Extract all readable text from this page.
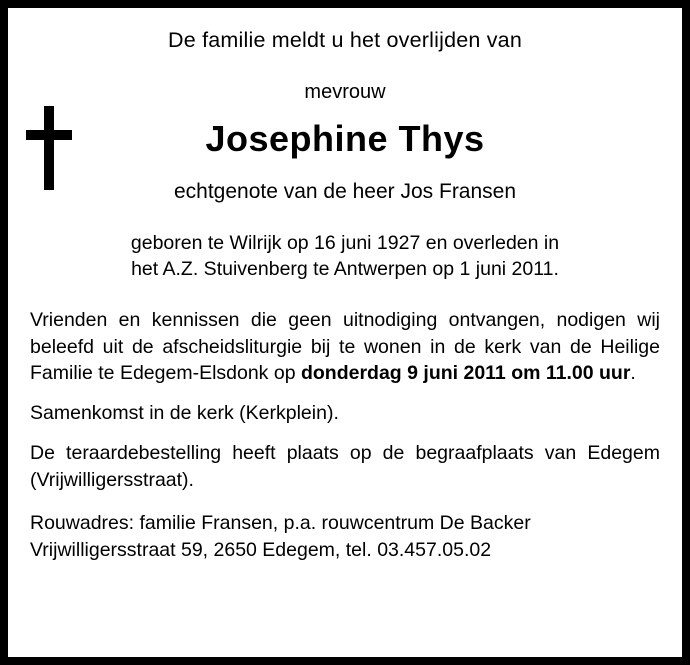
De familie meldt u het overlijden van
mevrouw
Josephine Thys
echtgenote van de heer Jos Fransen
geboren te Wilrijk op 16 juni 1927 en overleden in
het A.Z. Stuivenberg te Antwerpen op 1 juni 2011.

Vrienden en kennissen die geen uitnodiging ontvangen, nodigen wij beleefd uit de afscheidsliturgie bij te wonen in de kerk van de Heilige Familie te Edegem-Elsdonk op donderdag 9 juni 2011 om 11.00 uur.

Samenkomst in de kerk (Kerkplein).

De teraardebestelling heeft plaats op de begraafplaats van Edegem (Vrijwilligersstraat).

Rouwadres: familie Fransen, p.a. rouwcentrum De Backer
Vrijwilligersstraat 59, 2650 Edegem, tel. 03.457.05.02
